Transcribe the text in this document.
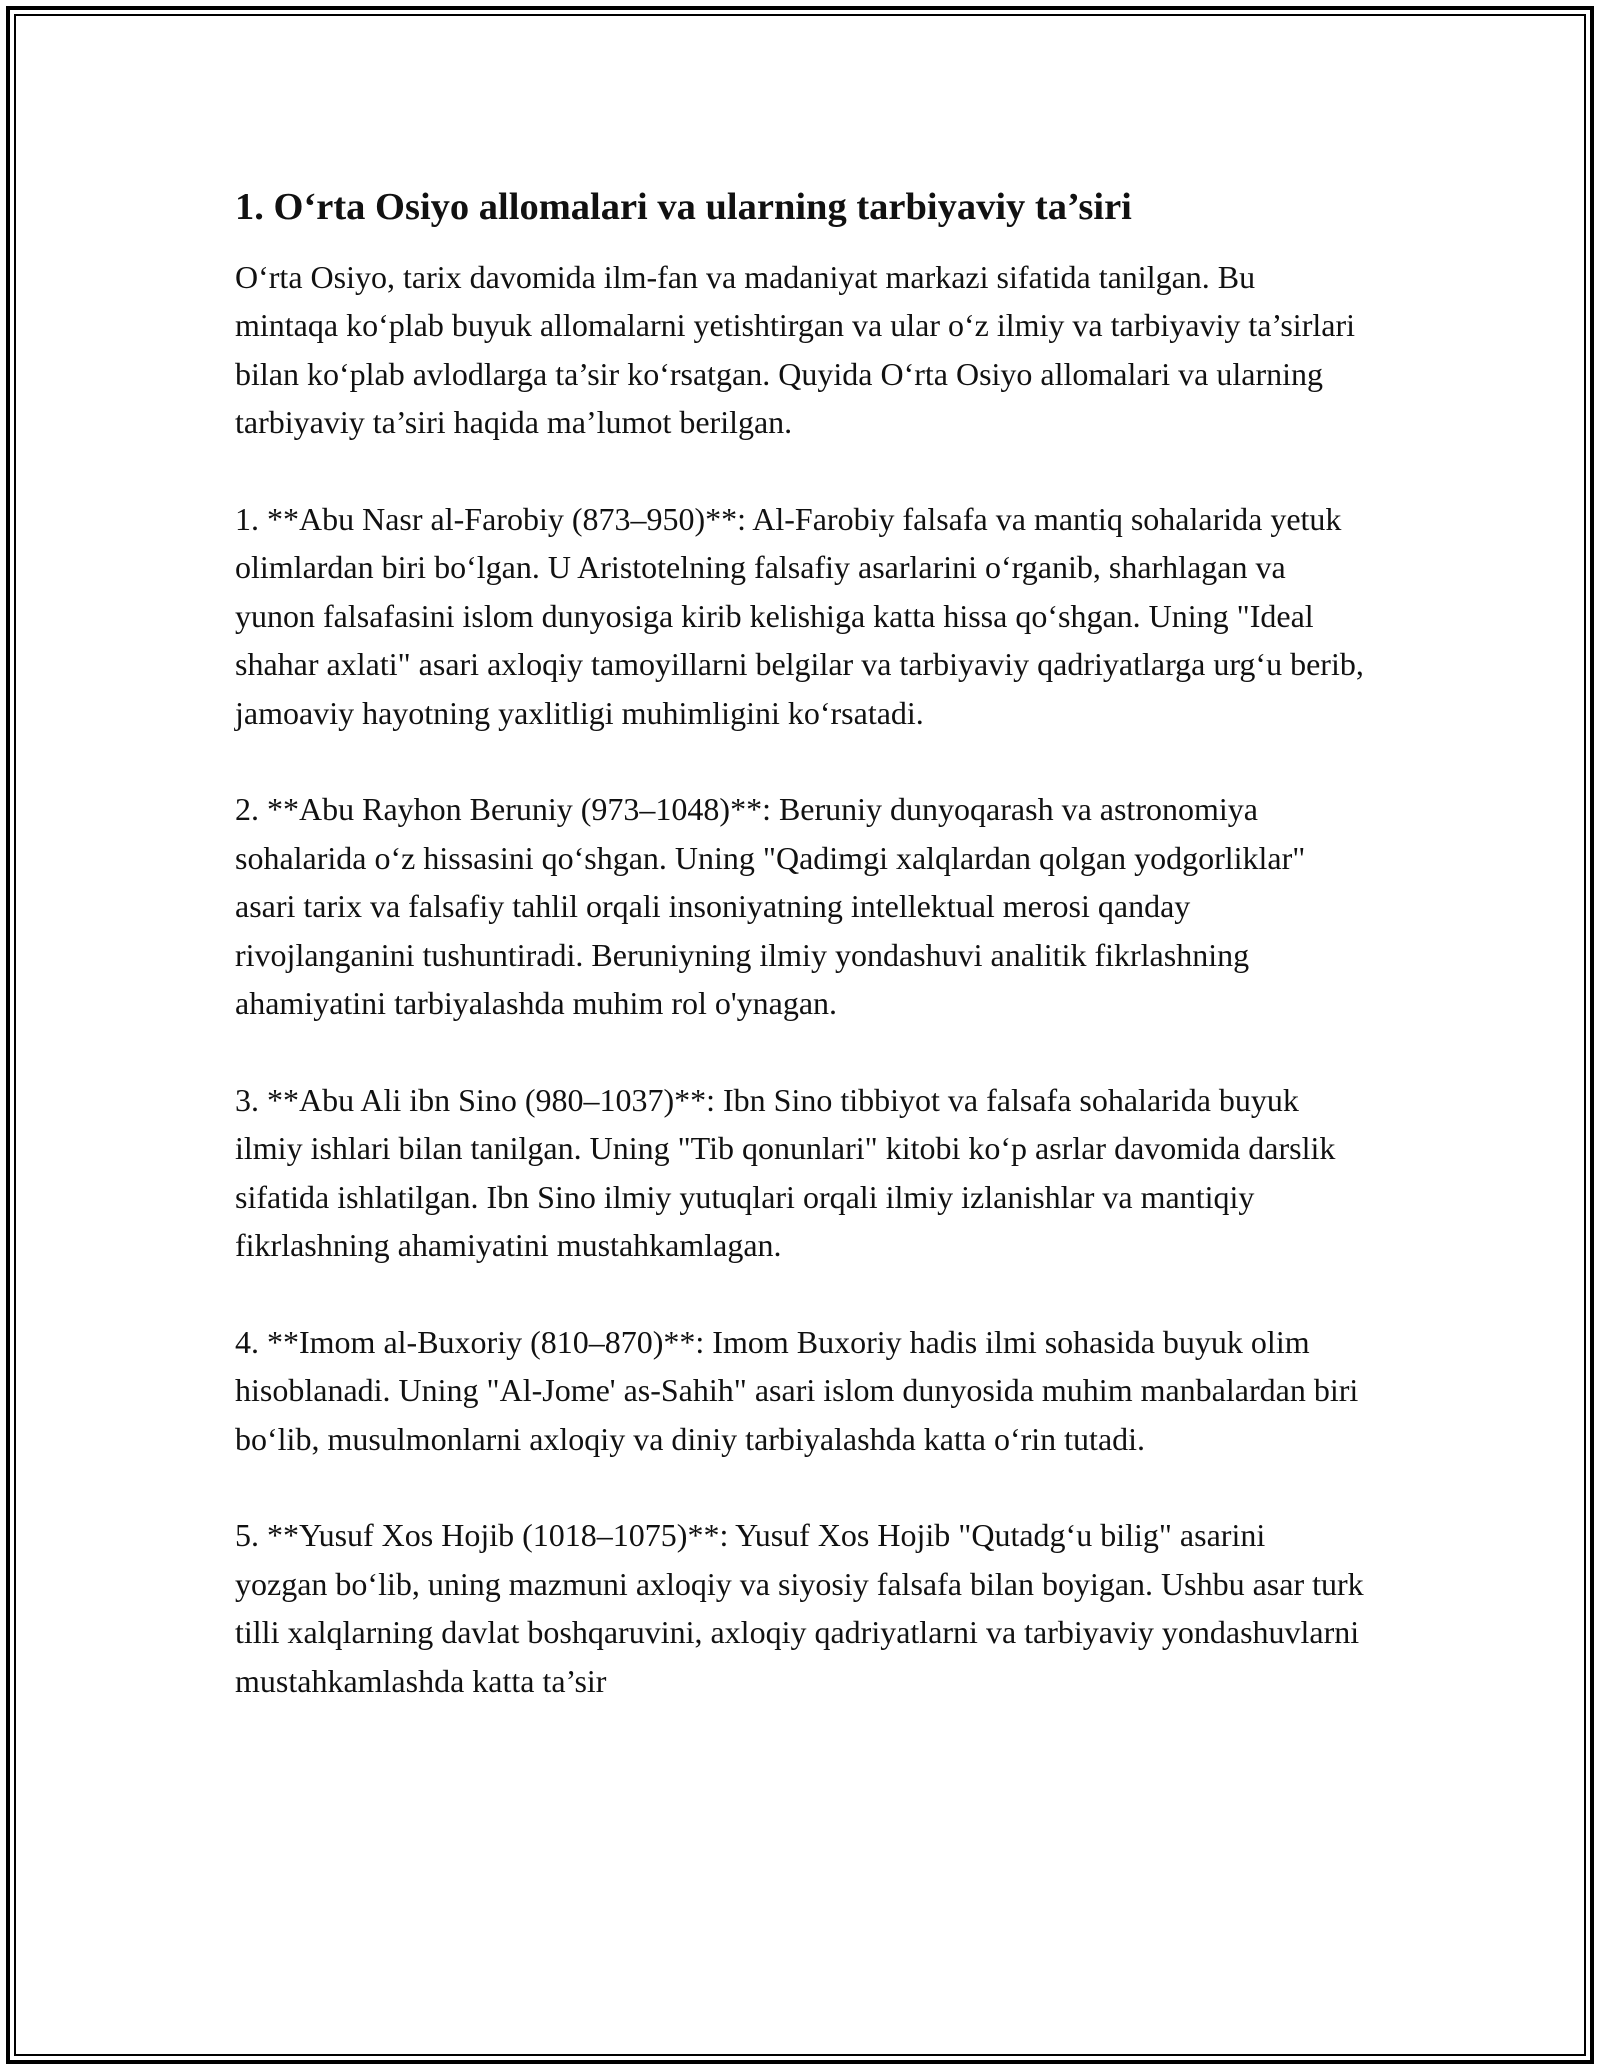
1. O‘rta Osiyo allomalari va ularning tarbiyaviy ta’siri

O‘rta Osiyo, tarix davomida ilm-fan va madaniyat markazi sifatida tanilgan. Bu mintaqa ko‘plab buyuk allomalarni yetishtirgan va ular o‘z ilmiy va tarbiyaviy ta’sirlari bilan ko‘plab avlodlarga ta’sir ko‘rsatgan. Quyida O‘rta Osiyo allomalari va ularning tarbiyaviy ta’siri haqida ma’lumot berilgan.

1. **Abu Nasr al-Farobiy (873–950)**: Al-Farobiy falsafa va mantiq sohalarida yetuk olimlardan biri bo‘lgan. U Aristotelning falsafiy asarlarini o‘rganib, sharhlagan va yunon falsafasini islom dunyosiga kirib kelishiga katta hissa qo‘shgan. Uning "Ideal shahar axlati" asari axloqiy tamoyillarni belgilar va tarbiyaviy qadriyatlarga urg‘u berib, jamoaviy hayotning yaxlitligi muhimligini ko‘rsatadi.

2. **Abu Rayhon Beruniy (973–1048)**: Beruniy dunyoqarash va astronomiya sohalarida o‘z hissasini qo‘shgan. Uning "Qadimgi xalqlardan qolgan yodgorliklar" asari tarix va falsafiy tahlil orqali insoniyatning intellektual merosi qanday rivojlanganini tushuntiradi. Beruniyning ilmiy yondashuvi analitik fikrlashning ahamiyatini tarbiyalashda muhim rol o'ynagan.

3. **Abu Ali ibn Sino (980–1037)**: Ibn Sino tibbiyot va falsafa sohalarida buyuk ilmiy ishlari bilan tanilgan. Uning "Tib qonunlari" kitobi ko‘p asrlar davomida darslik sifatida ishlatilgan. Ibn Sino ilmiy yutuqlari orqali ilmiy izlanishlar va mantiqiy fikrlashning ahamiyatini mustahkamlagan.

4. **Imom al-Buxoriy (810–870)**: Imom Buxoriy hadis ilmi sohasida buyuk olim hisoblanadi. Uning "Al-Jome' as-Sahih" asari islom dunyosida muhim manbalardan biri bo‘lib, musulmonlarni axloqiy va diniy tarbiyalashda katta o‘rin tutadi.

5. **Yusuf Xos Hojib (1018–1075)**: Yusuf Xos Hojib "Qutadg‘u bilig" asarini yozgan bo‘lib, uning mazmuni axloqiy va siyosiy falsafa bilan boyigan. Ushbu asar turk tilli xalqlarning davlat boshqaruvini, axloqiy qadriyatlarni va tarbiyaviy yondashuvlarni mustahkamlashda katta ta’sir
